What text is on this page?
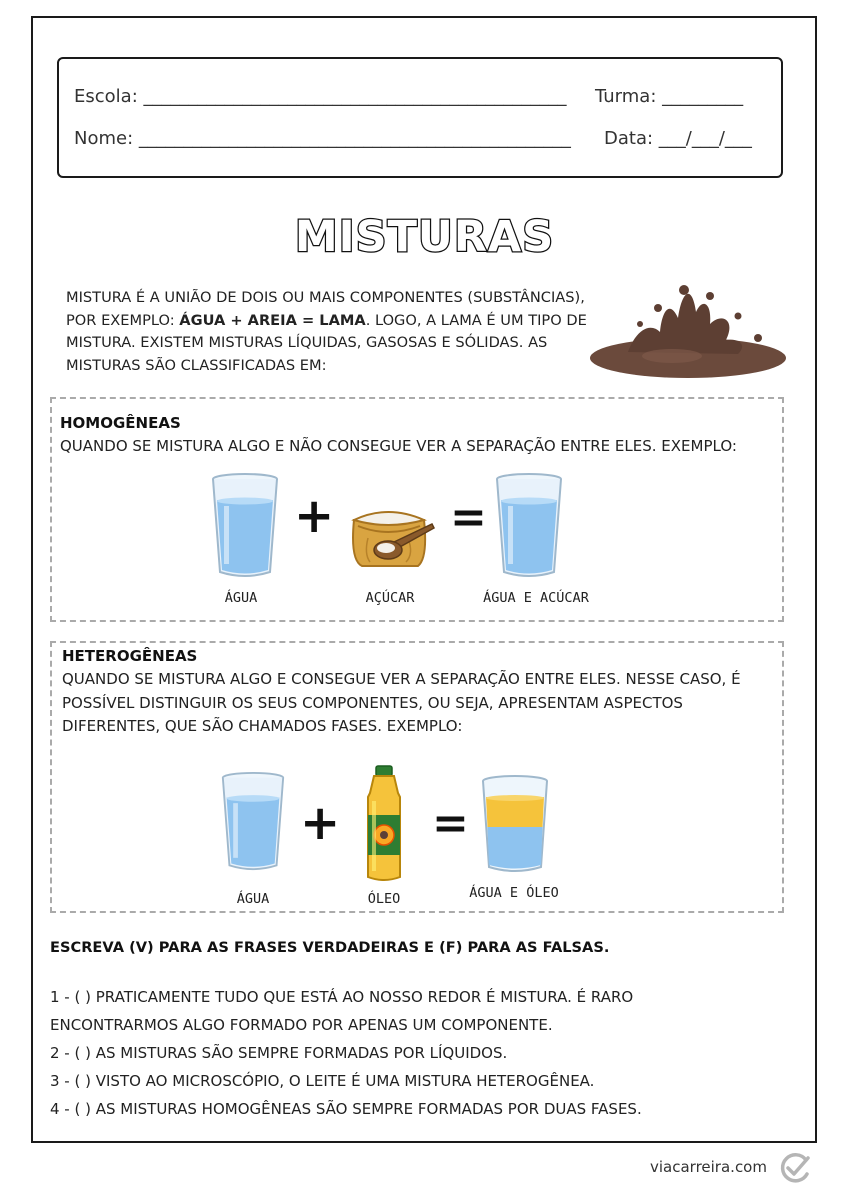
Escola: _______________________________________________ Turma: _________
Nome: ________________________________________________ Data: ___/___/___
MISTURAS
MISTURA É A UNIÃO DE DOIS OU MAIS COMPONENTES (SUBSTÂNCIAS), POR EXEMPLO: ÁGUA + AREIA = LAMA. LOGO, A LAMA É UM TIPO DE MISTURA. EXISTEM MISTURAS LÍQUIDAS, GASOSAS E SÓLIDAS. AS MISTURAS SÃO CLASSIFICADAS EM:
HOMOGÊNEAS
QUANDO SE MISTURA ALGO E NÃO CONSEGUE VER A SEPARAÇÃO ENTRE ELES. EXEMPLO:
+	=
ÁGUA	AÇÚCAR	ÁGUA E ACÚCAR
HETEROGÊNEAS
QUANDO SE MISTURA ALGO E CONSEGUE VER A SEPARAÇÃO ENTRE ELES. NESSE CASO, É POSSÍVEL DISTINGUIR OS SEUS COMPONENTES, OU SEJA, APRESENTAM ASPECTOS DIFERENTES, QUE SÃO CHAMADOS FASES. EXEMPLO:
+ =
ÁGUA	ÓLEO	ÁGUA E ÓLEO
ESCREVA (V) PARA AS FRASES VERDADEIRAS E (F) PARA AS FALSAS.
1 - ( ) PRATICAMENTE TUDO QUE ESTÁ AO NOSSO REDOR É MISTURA. É RARO
ENCONTRARMOS ALGO FORMADO POR APENAS UM COMPONENTE.
2 - ( ) AS MISTURAS SÃO SEMPRE FORMADAS POR LÍQUIDOS.
3 - ( ) VISTO AO MICROSCÓPIO, O LEITE É UMA MISTURA HETEROGÊNEA.
4 - ( ) AS MISTURAS HOMOGÊNEAS SÃO SEMPRE FORMADAS POR DUAS FASES.
viacarreira.com
